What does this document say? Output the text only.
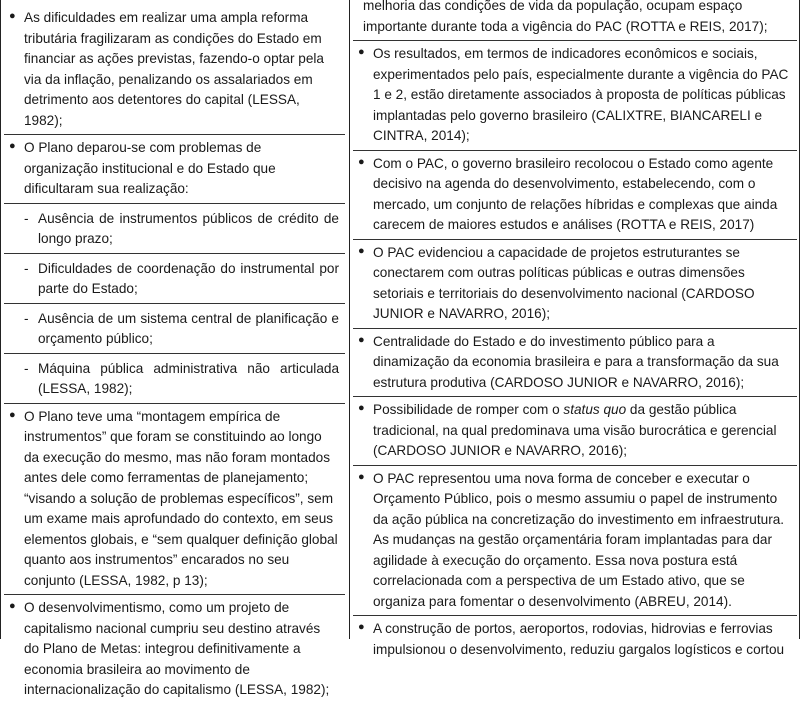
● As dificuldades em realizar uma ampla reforma tributária fragilizaram as condições do Estado em financiar as ações previstas, fazendo-o optar pela via da inflação, penalizando os assalariados em detrimento aos detentores do capital (LESSA, 1982);
● O Plano deparou-se com problemas de organização institucional e do Estado que dificultaram sua realização:
- Ausência de instrumentos públicos de crédito de longo prazo;
- Dificuldades de coordenação do instrumental por parte do Estado;
- Ausência de um sistema central de planificação e orçamento público;
- Máquina pública administrativa não articulada (LESSA, 1982);
● O Plano teve uma “montagem empírica de instrumentos” que foram se constituindo ao longo da execução do mesmo, mas não foram montados antes dele como ferramentas de planejamento; “visando a solução de problemas específicos”, sem um exame mais aprofundado do contexto, em seus elementos globais, e “sem qualquer definição global quanto aos instrumentos” encarados no seu conjunto (LESSA, 1982, p 13);
● O desenvolvimentismo, como um projeto de capitalismo nacional cumpriu seu destino através do Plano de Metas: integrou definitivamente a economia brasileira ao movimento de internacionalização do capitalismo (LESSA, 1982);
melhoria das condições de vida da população, ocupam espaço importante durante toda a vigência do PAC (ROTTA e REIS, 2017);
● Os resultados, em termos de indicadores econômicos e sociais, experimentados pelo país, especialmente durante a vigência do PAC 1 e 2, estão diretamente associados à proposta de políticas públicas implantadas pelo governo brasileiro (CALIXTRE, BIANCARELI e CINTRA, 2014);
● Com o PAC, o governo brasileiro recolocou o Estado como agente decisivo na agenda do desenvolvimento, estabelecendo, com o mercado, um conjunto de relações híbridas e complexas que ainda carecem de maiores estudos e análises (ROTTA e REIS, 2017)
● O PAC evidenciou a capacidade de projetos estruturantes se conectarem com outras políticas públicas e outras dimensões setoriais e territoriais do desenvolvimento nacional (CARDOSO JUNIOR e NAVARRO, 2016);
● Centralidade do Estado e do investimento público para a dinamização da economia brasileira e para a transformação da sua estrutura produtiva (CARDOSO JUNIOR e NAVARRO, 2016);
● Possibilidade de romper com o status quo da gestão pública tradicional, na qual predominava uma visão burocrática e gerencial (CARDOSO JUNIOR e NAVARRO, 2016);
● O PAC representou uma nova forma de conceber e executar o Orçamento Público, pois o mesmo assumiu o papel de instrumento da ação pública na concretização do investimento em infraestrutura. As mudanças na gestão orçamentária foram implantadas para dar agilidade à execução do orçamento. Essa nova postura está correlacionada com a perspectiva de um Estado ativo, que se organiza para fomentar o desenvolvimento (ABREU, 2014).
● A construção de portos, aeroportos, rodovias, hidrovias e ferrovias impulsionou o desenvolvimento, reduziu gargalos logísticos e cortou
